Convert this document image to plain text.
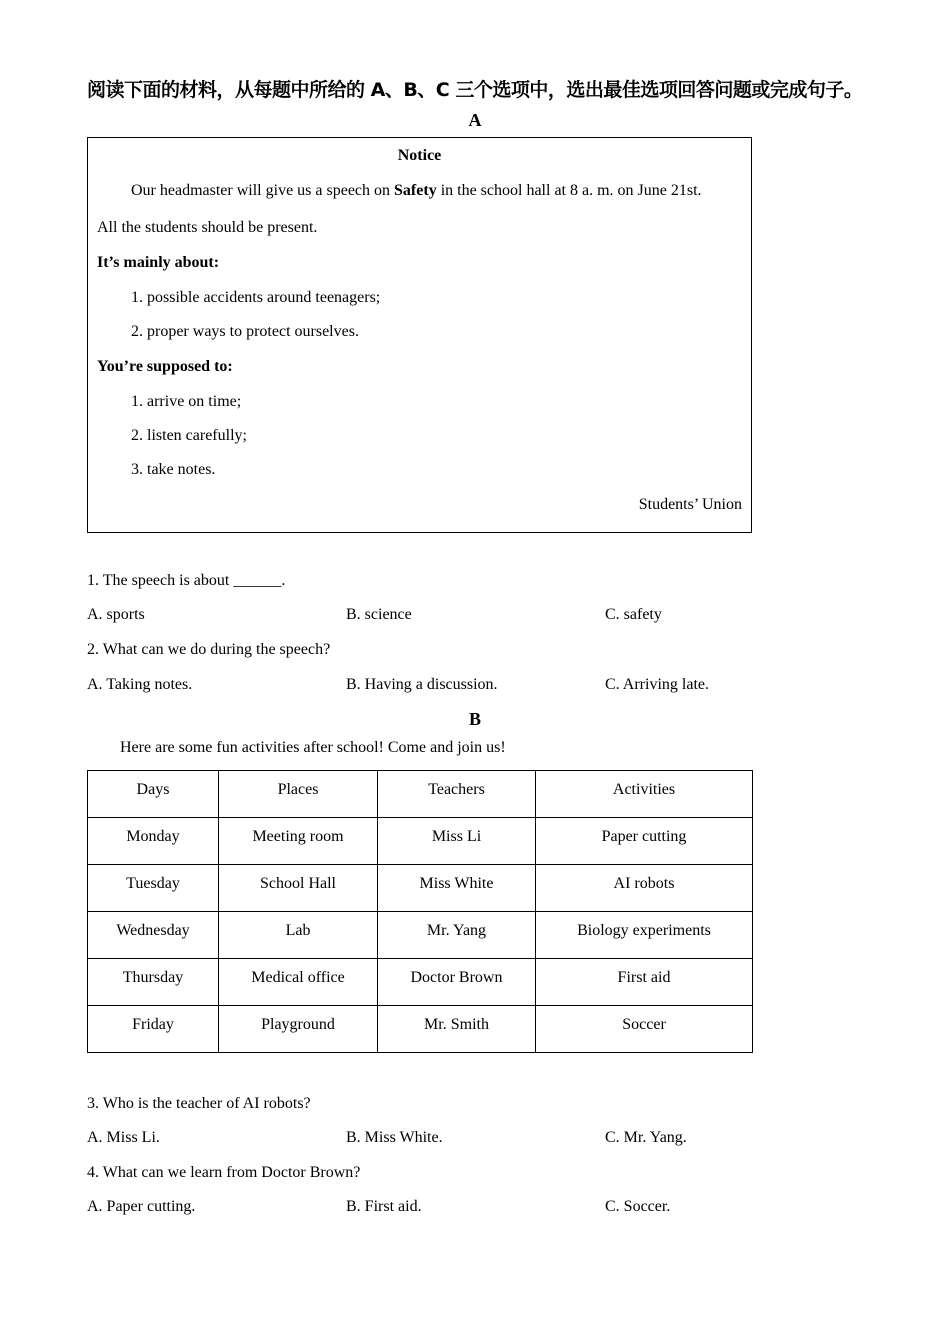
阅读下面的材料，从每题中所给的 A、B、C 三个选项中，选出最佳选项回答问题或完成句子。
A
Notice
Our headmaster will give us a speech on Safety in the school hall at 8 a. m. on June 21st.
All the students should be present.
It’s mainly about:
1. possible accidents around teenagers;
2. proper ways to protect ourselves.
You’re supposed to:
1. arrive on time;
2. listen carefully;
3. take notes.
Students’ Union
1. The speech is about ______.
A. sports	B. science	C. safety
2. What can we do during the speech?
A. Taking notes.	B. Having a discussion.	C. Arriving late.
B
Here are some fun activities after school! Come and join us!
Days	Places	Teachers	Activities
Monday	Meeting room	Miss Li	Paper cutting
Tuesday	School Hall	Miss White	AI robots
Wednesday	Lab	Mr. Yang	Biology experiments
Thursday	Medical office	Doctor Brown	First aid
Friday	Playground	Mr. Smith	Soccer
3. Who is the teacher of AI robots?
A. Miss Li.	B. Miss White.	C. Mr. Yang.
4. What can we learn from Doctor Brown?
A. Paper cutting.	B. First aid.	C. Soccer.
